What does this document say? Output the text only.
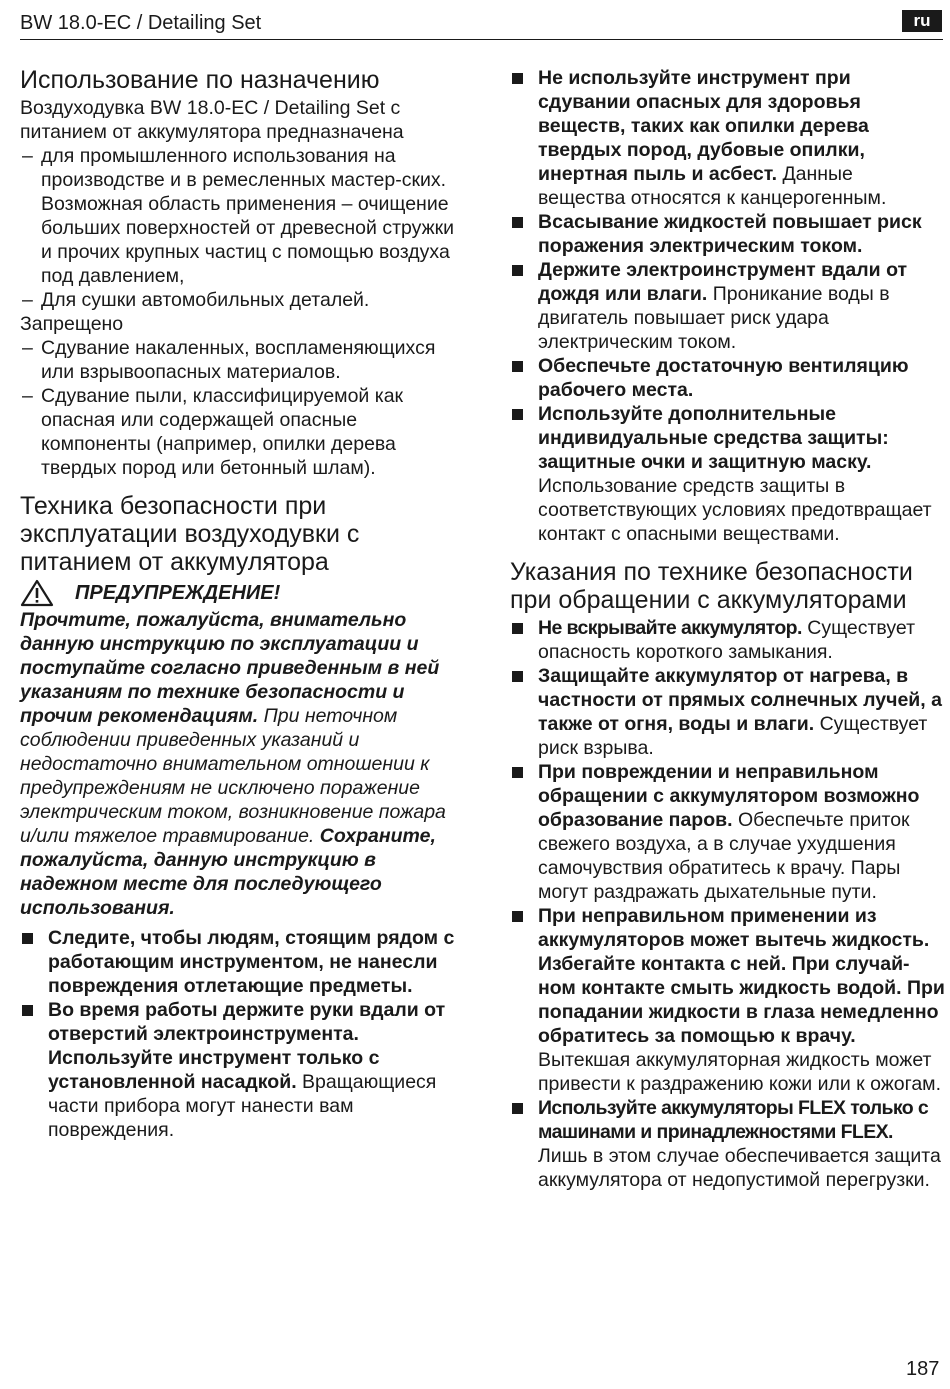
BW 18.0-EC / Detailing Set	ru
Использование по назначению

Воздуходувка BW 18.0-EC / Detailing Set с питанием от аккумулятора предназначена

– для промышленного использования на производстве и в ремесленных мастер-ских. Возможная область применения – очищение больших поверхностей от древесной стружки и прочих крупных частиц с помощью воздуха под давлением,
– Для сушки автомобильных деталей.

Запрещено

– Сдувание накаленных, воспламеняющихся или взрывоопасных материалов.
– Сдувание пыли, классифицируемой как опасная или содержащей опасные компоненты (например, опилки дерева твердых пород или бетонный шлам).
Техника безопасности при эксплуатации воздуходувки с питанием от аккумулятора
ПРЕДУПРЕЖДЕНИЕ!

Прочтите, пожалуйста, внимательно данную инструкцию по эксплуатации и поступайте согласно приведенным в ней указаниям по технике безопасности и прочим рекомендациям. При неточном соблюдении приведенных указаний и недостаточно внимательном отношении к предупреждениям не исключено поражение электрическим током, возникновение пожара и/или тяжелое травмирование. Сохраните, пожалуйста, данную инструкцию в надежном месте для последующего использования.

Следите, чтобы людям, стоящим рядом с работающим инструментом, не нанесли повреждения отлетающие предметы.
Во время работы держите руки вдали от отверстий электроинструмента. Используйте инструмент только с установленной насадкой. Вращающиеся части прибора могут нанести вам повреждения.
Не используйте инструмент при сдувании опасных для здоровья веществ, таких как опилки дерева твердых пород, дубовые опилки, инертная пыль и асбест. Данные вещества относятся к канцерогенным.
Всасывание жидкостей повышает риск поражения электрическим током.
Держите электроинструмент вдали от дождя или влаги. Проникание воды в двигатель повышает риск удара электрическим током.
Обеспечьте достаточную вентиляцию рабочего места.
Используйте дополнительные индивидуальные средства защиты: защитные очки и защитную маску. Использование средств защиты в соответствующих условиях предотвращает контакт с опасными веществами.
Указания по технике безопасности при обращении с аккумуляторами
Не вскрывайте аккумулятор. Существует опасность короткого замыкания.
Защищайте аккумулятор от нагрева, в частности от прямых солнечных лучей, а также от огня, воды и влаги. Существует риск взрыва.
При повреждении и неправильном обращении с аккумулятором возможно образование паров. Обеспечьте приток свежего воздуха, а в случае ухудшения самочувствия обратитесь к врачу. Пары могут раздражать дыхательные пути.
При неправильном применении из аккумуляторов может вытечь жидкость. Избегайте контакта с ней. При случай-ном контакте смыть жидкость водой. При попадании жидкости в глаза немедленно обратитесь за помощью к врачу. Вытекшая аккумуляторная жидкость может привести к раздражению кожи или к ожогам.
Используйте аккумуляторы FLEX только с машинами и принадлежностями FLEX. Лишь в этом случае обеспечивается защита аккумулятора от недопустимой перегрузки.
187
